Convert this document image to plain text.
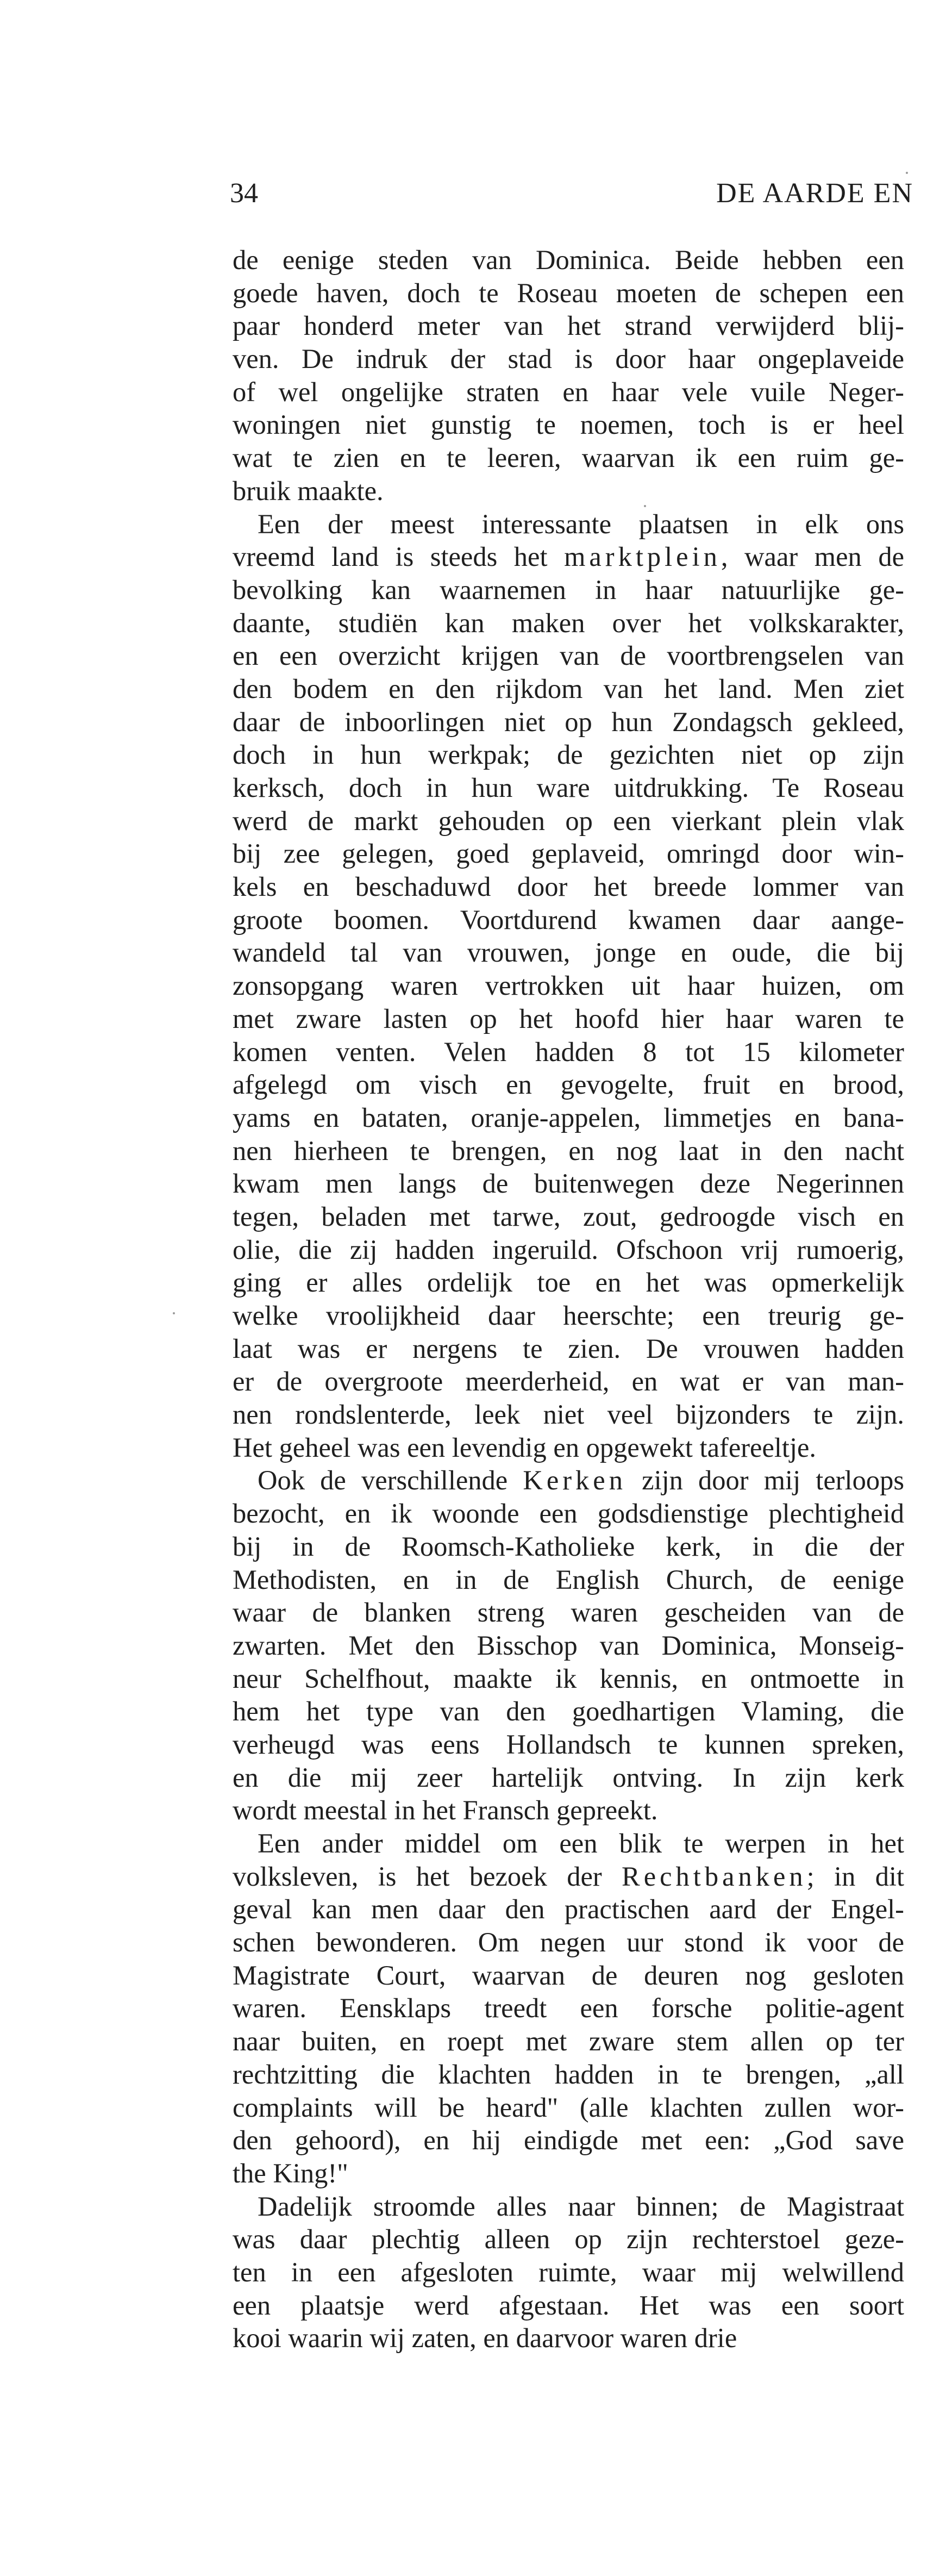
34	DE AARDE EN

de eenige steden van Dominica. Beide hebben een
goede haven, doch te Roseau moeten de schepen een
paar honderd meter van het strand verwijderd blij-
ven. De indruk der stad is door haar ongeplaveide
of wel ongelijke straten en haar vele vuile Neger-
woningen niet gunstig te noemen, toch is er heel
wat te zien en te leeren, waarvan ik een ruim ge-
bruik maakte.

Een der meest interessante plaatsen in elk ons
vreemd land is steeds het marktplein, waar men de
bevolking kan waarnemen in haar natuurlijke ge-
daante, studiën kan maken over het volkskarakter,
en een overzicht krijgen van de voortbrengselen van
den bodem en den rijkdom van het land. Men ziet
daar de inboorlingen niet op hun Zondagsch gekleed,
doch in hun werkpak; de gezichten niet op zijn
kerksch, doch in hun ware uitdrukking. Te Roseau
werd de markt gehouden op een vierkant plein vlak
bij zee gelegen, goed geplaveid, omringd door win-
kels en beschaduwd door het breede lommer van
groote boomen. Voortdurend kwamen daar aange-
wandeld tal van vrouwen, jonge en oude, die bij
zonsopgang waren vertrokken uit haar huizen, om
met zware lasten op het hoofd hier haar waren te
komen venten. Velen hadden 8 tot 15 kilometer
afgelegd om visch en gevogelte, fruit en brood,
yams en bataten, oranje-appelen, limmetjes en bana-
nen hierheen te brengen, en nog laat in den nacht
kwam men langs de buitenwegen deze Negerinnen
tegen, beladen met tarwe, zout, gedroogde visch en
olie, die zij hadden ingeruild. Ofschoon vrij rumoerig,
ging er alles ordelijk toe en het was opmerkelijk
welke vroolijkheid daar heerschte; een treurig ge-
laat was er nergens te zien. De vrouwen hadden
er de overgroote meerderheid, en wat er van man-
nen rondslenterde, leek niet veel bijzonders te zijn.
Het geheel was een levendig en opgewekt tafereeltje.

Ook de verschillende Kerken zijn door mij terloops
bezocht, en ik woonde een godsdienstige plechtigheid
bij in de Roomsch-Katholieke kerk, in die der
Methodisten, en in de English Church, de eenige
waar de blanken streng waren gescheiden van de
zwarten. Met den Bisschop van Dominica, Monseig-
neur Schelfhout, maakte ik kennis, en ontmoette in
hem het type van den goedhartigen Vlaming, die
verheugd was eens Hollandsch te kunnen spreken,
en die mij zeer hartelijk ontving. In zijn kerk
wordt meestal in het Fransch gepreekt.

Een ander middel om een blik te werpen in het
volksleven, is het bezoek der Rechtbanken; in dit
geval kan men daar den practischen aard der Engel-
schen bewonderen. Om negen uur stond ik voor de
Magistrate Court, waarvan de deuren nog gesloten
waren. Eensklaps treedt een forsche politie-agent
naar buiten, en roept met zware stem allen op ter
rechtzitting die klachten hadden in te brengen, „all
complaints will be heard" (alle klachten zullen wor-
den gehoord), en hij eindigde met een: „God save
the King!"

Dadelijk stroomde alles naar binnen; de Magistraat
was daar plechtig alleen op zijn rechterstoel geze-
ten in een afgesloten ruimte, waar mij welwillend
een plaatsje werd afgestaan. Het was een soort
kooi waarin wij zaten, en daarvoor waren drie
